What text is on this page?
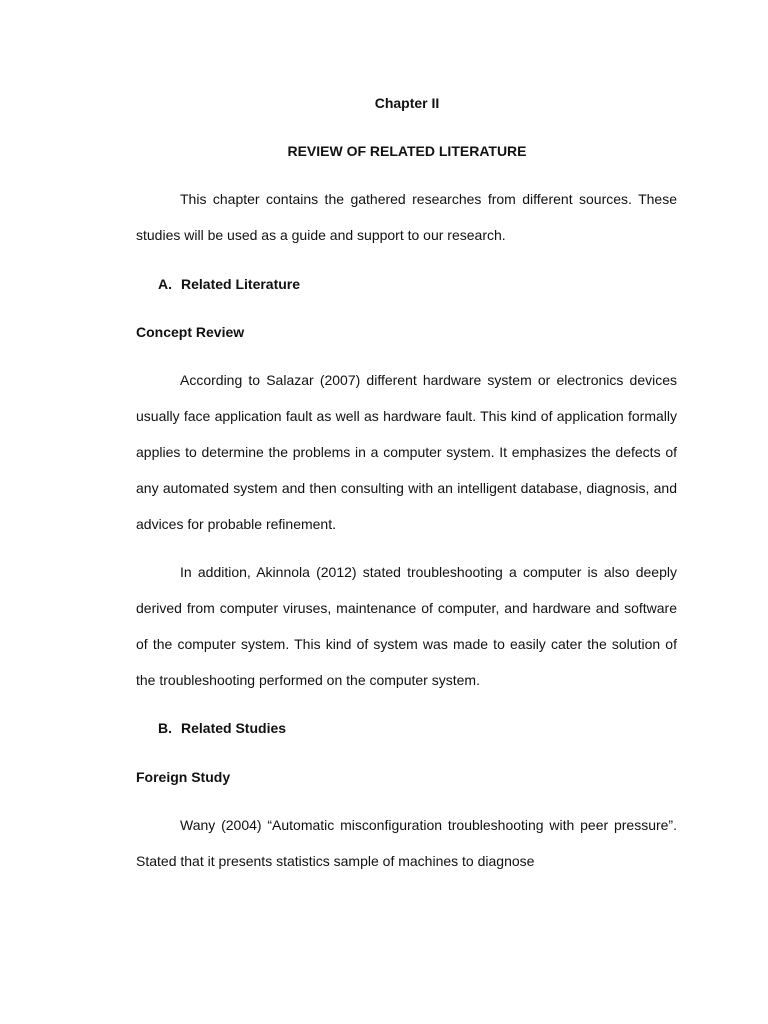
Chapter II
REVIEW OF RELATED LITERATURE

This chapter contains the gathered researches from different sources. These studies will be used as a guide and support to our research.

A. Related Literature
Concept Review

According to Salazar (2007) different hardware system or electronics devices usually face application fault as well as hardware fault. This kind of application formally applies to determine the problems in a computer system. It emphasizes the defects of any automated system and then consulting with an intelligent database, diagnosis, and advices for probable refinement.

In addition, Akinnola (2012) stated troubleshooting a computer is also deeply derived from computer viruses, maintenance of computer, and hardware and software of the computer system. This kind of system was made to easily cater the solution of the troubleshooting performed on the computer system.

B. Related Studies
Foreign Study

Wany (2004) “Automatic misconfiguration troubleshooting with peer pressure”. Stated that it presents statistics sample of machines to diagnose
